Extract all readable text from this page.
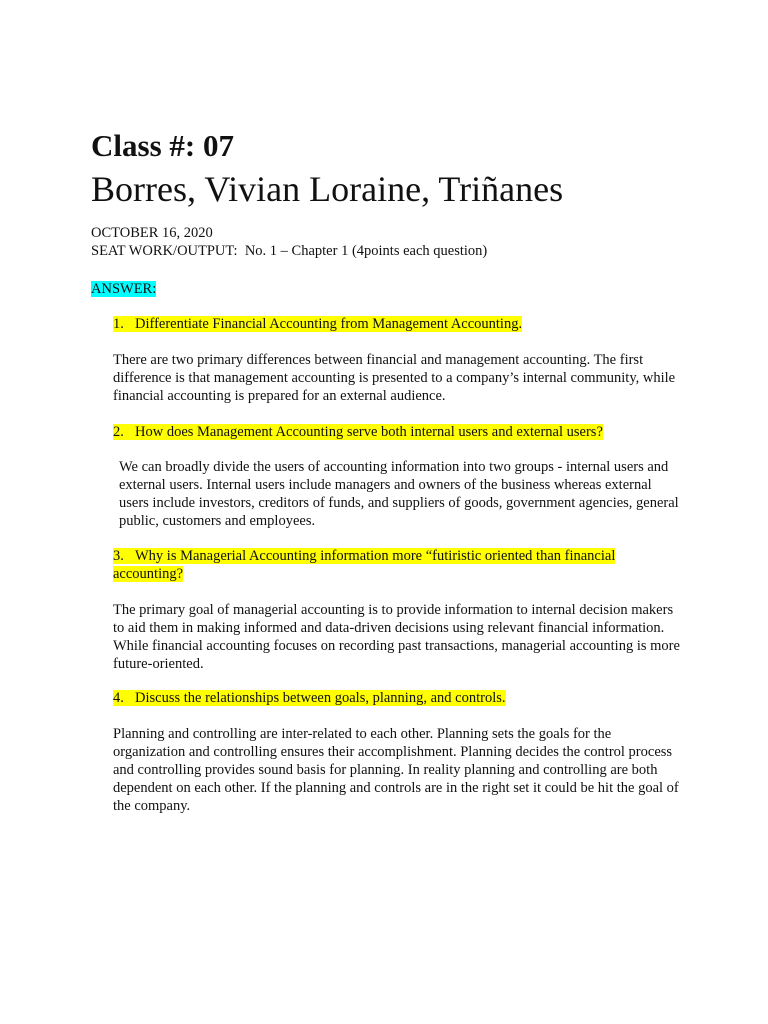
Class #: 07
Borres, Vivian Loraine, Triñanes
OCTOBER 16, 2020
SEAT WORK/OUTPUT:  No. 1 – Chapter 1 (4points each question)
ANSWER:
1. Differentiate Financial Accounting from Management Accounting.
There are two primary differences between financial and management accounting. The first difference is that management accounting is presented to a company’s internal community, while financial accounting is prepared for an external audience.
2. How does Management Accounting serve both internal users and external users?
We can broadly divide the users of accounting information into two groups - internal users and external users. Internal users include managers and owners of the business whereas external users include investors, creditors of funds, and suppliers of goods, government agencies, general public, customers and employees.
3. Why is Managerial Accounting information more “futiristic oriented than financial accounting?
The primary goal of managerial accounting is to provide information to internal decision makers to aid them in making informed and data-driven decisions using relevant financial information. While financial accounting focuses on recording past transactions, managerial accounting is more future-oriented.
4. Discuss the relationships between goals, planning, and controls.
Planning and controlling are inter-related to each other. Planning sets the goals for the organization and controlling ensures their accomplishment. Planning decides the control process and controlling provides sound basis for planning. In reality planning and controlling are both dependent on each other. If the planning and controls are in the right set it could be hit the goal of the company.
